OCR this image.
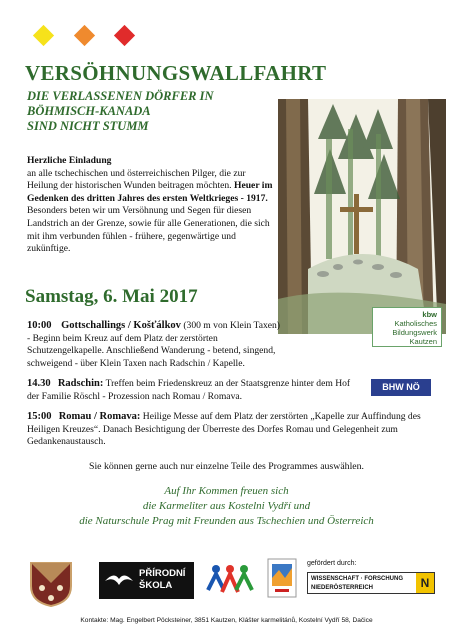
VERSÖHNUNGSWALLFAHRT
DIE VERLASSENEN DÖRFER IN
BÖHMISCH-KANADA
SIND NICHT STUMM
Herzliche Einladung
an alle tschechischen und österreichischen Pilger, die zur Heilung der historischen Wunden beitragen möchten. Heuer im Gedenken des dritten Jahres des ersten Weltkrieges - 1917.
Besonders beten wir um Versöhnung und Segen für diesen Landstrich an der Grenze, sowie für alle Generationen, die sich mit ihm verbunden fühlen - frühere, gegenwärtige und zukünftige.
Samstag, 6. Mai 2017
kbw
Katholisches
Bildungswerk
Kautzen
10:00 Gottschallings / Košťálkov (300 m von Klein Taxen) - Beginn beim Kreuz auf dem Platz der zerstörten Schutzengelkapelle. Anschließend Wanderung - betend, singend, schweigend - über Klein Taxen nach Radschin / Kapelle.
14.30 Radschin: Treffen beim Friedenskreuz an der Staatsgrenze hinter dem Hof der Familie Röschl - Prozession nach Romau / Romava.
BHW NÖ
15:00 Romau / Romava: Heilige Messe auf dem Platz der zerstörten „Kapelle zur Auffindung des Heiligen Kreuzes“. Danach Besichtigung der Überreste des Dorfes Romau und Gelegenheit zum Gedankenaustausch.
Sie können gerne auch nur einzelne Teile des Programmes auswählen.
Auf Ihr Kommen freuen sich
die Karmeliter aus Kostelni Vydří und
die Naturschule Prag mit Freunden aus Tschechien und Österreich
PŘÍRODNÍ
ŠKOLA
gefördert durch:
WISSENSCHAFT · FORSCHUNG
NIEDERÖSTERREICH	N
Kontakte: Mag. Engelbert Pöcksteiner, 3851 Kautzen, Klášter karmelitánů, Kostelní Vydří 58, Dačice
